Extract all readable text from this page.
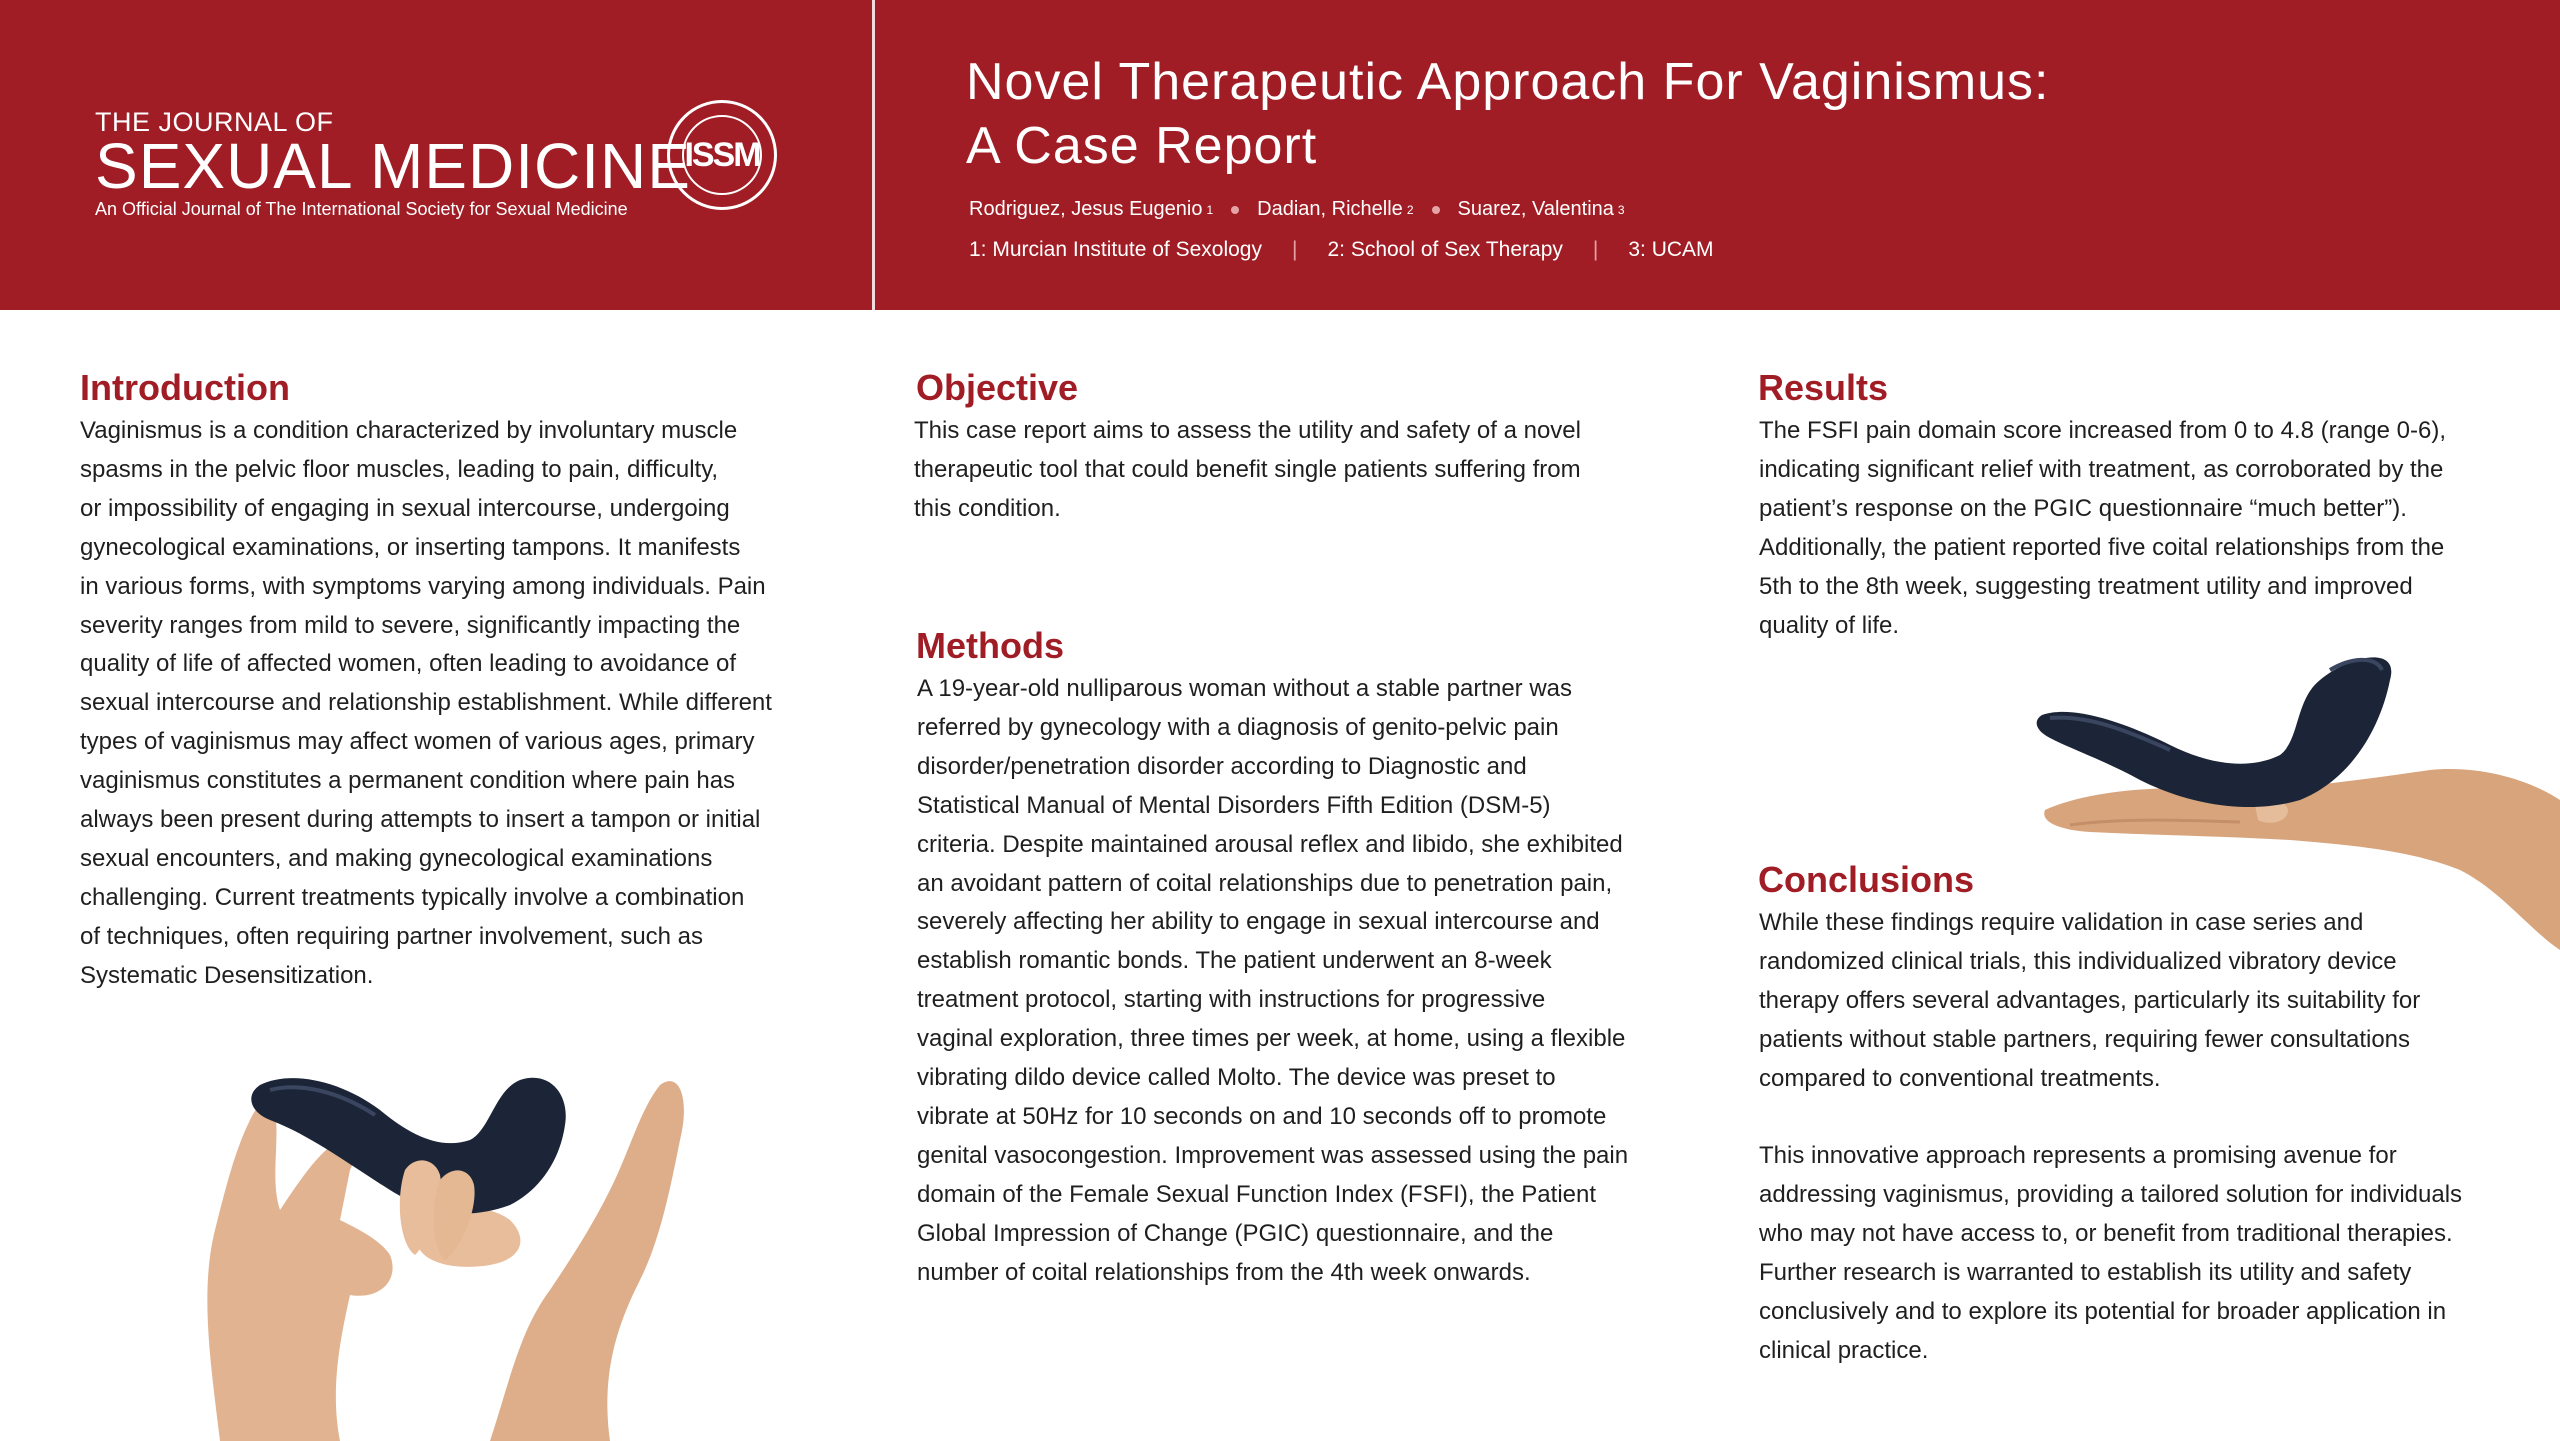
THE JOURNAL OF
SEXUAL MEDICINE
An Official Journal of The International Society for Sexual Medicine
ISSM
Novel Therapeutic Approach For Vaginismus:
A Case Report
Rodriguez, Jesus Eugenio 1 Dadian, Richelle 2 Suarez, Valentina 3
1: Murcian Institute of Sexology | 2: School of Sex Therapy | 3: UCAM
Introduction
Vaginismus is a condition characterized by involuntary muscle
spasms in the pelvic floor muscles, leading to pain, difficulty,
or impossibility of engaging in sexual intercourse, undergoing
gynecological examinations, or inserting tampons. It manifests
in various forms, with symptoms varying among individuals. Pain
severity ranges from mild to severe, significantly impacting the
quality of life of affected women, often leading to avoidance of
sexual intercourse and relationship establishment. While different
types of vaginismus may affect women of various ages, primary
vaginismus constitutes a permanent condition where pain has
always been present during attempts to insert a tampon or initial
sexual encounters, and making gynecological examinations
challenging. Current treatments typically involve a combination
of techniques, often requiring partner involvement, such as
Systematic Desensitization.
Objective
This case report aims to assess the utility and safety of a novel
therapeutic tool that could benefit single patients suffering from
this condition.
Methods
A 19-year-old nulliparous woman without a stable partner was
referred by gynecology with a diagnosis of genito-pelvic pain
disorder/penetration disorder according to Diagnostic and
Statistical Manual of Mental Disorders Fifth Edition (DSM-5)
criteria. Despite maintained arousal reflex and libido, she exhibited
an avoidant pattern of coital relationships due to penetration pain,
severely affecting her ability to engage in sexual intercourse and
establish romantic bonds. The patient underwent an 8-week
treatment protocol, starting with instructions for progressive
vaginal exploration, three times per week, at home, using a flexible
vibrating dildo device called Molto. The device was preset to
vibrate at 50Hz for 10 seconds on and 10 seconds off to promote
genital vasocongestion. Improvement was assessed using the pain
domain of the Female Sexual Function Index (FSFI), the Patient
Global Impression of Change (PGIC) questionnaire, and the
number of coital relationships from the 4th week onwards.
Results
The FSFI pain domain score increased from 0 to 4.8 (range 0-6),
indicating significant relief with treatment, as corroborated by the
patient’s response on the PGIC questionnaire “much better”).
Additionally, the patient reported five coital relationships from the
5th to the 8th week, suggesting treatment utility and improved
quality of life.
Conclusions
While these findings require validation in case series and
randomized clinical trials, this individualized vibratory device
therapy offers several advantages, particularly its suitability for
patients without stable partners, requiring fewer consultations
compared to conventional treatments.
This innovative approach represents a promising avenue for
addressing vaginismus, providing a tailored solution for individuals
who may not have access to, or benefit from traditional therapies.
Further research is warranted to establish its utility and safety
conclusively and to explore its potential for broader application in
clinical practice.
